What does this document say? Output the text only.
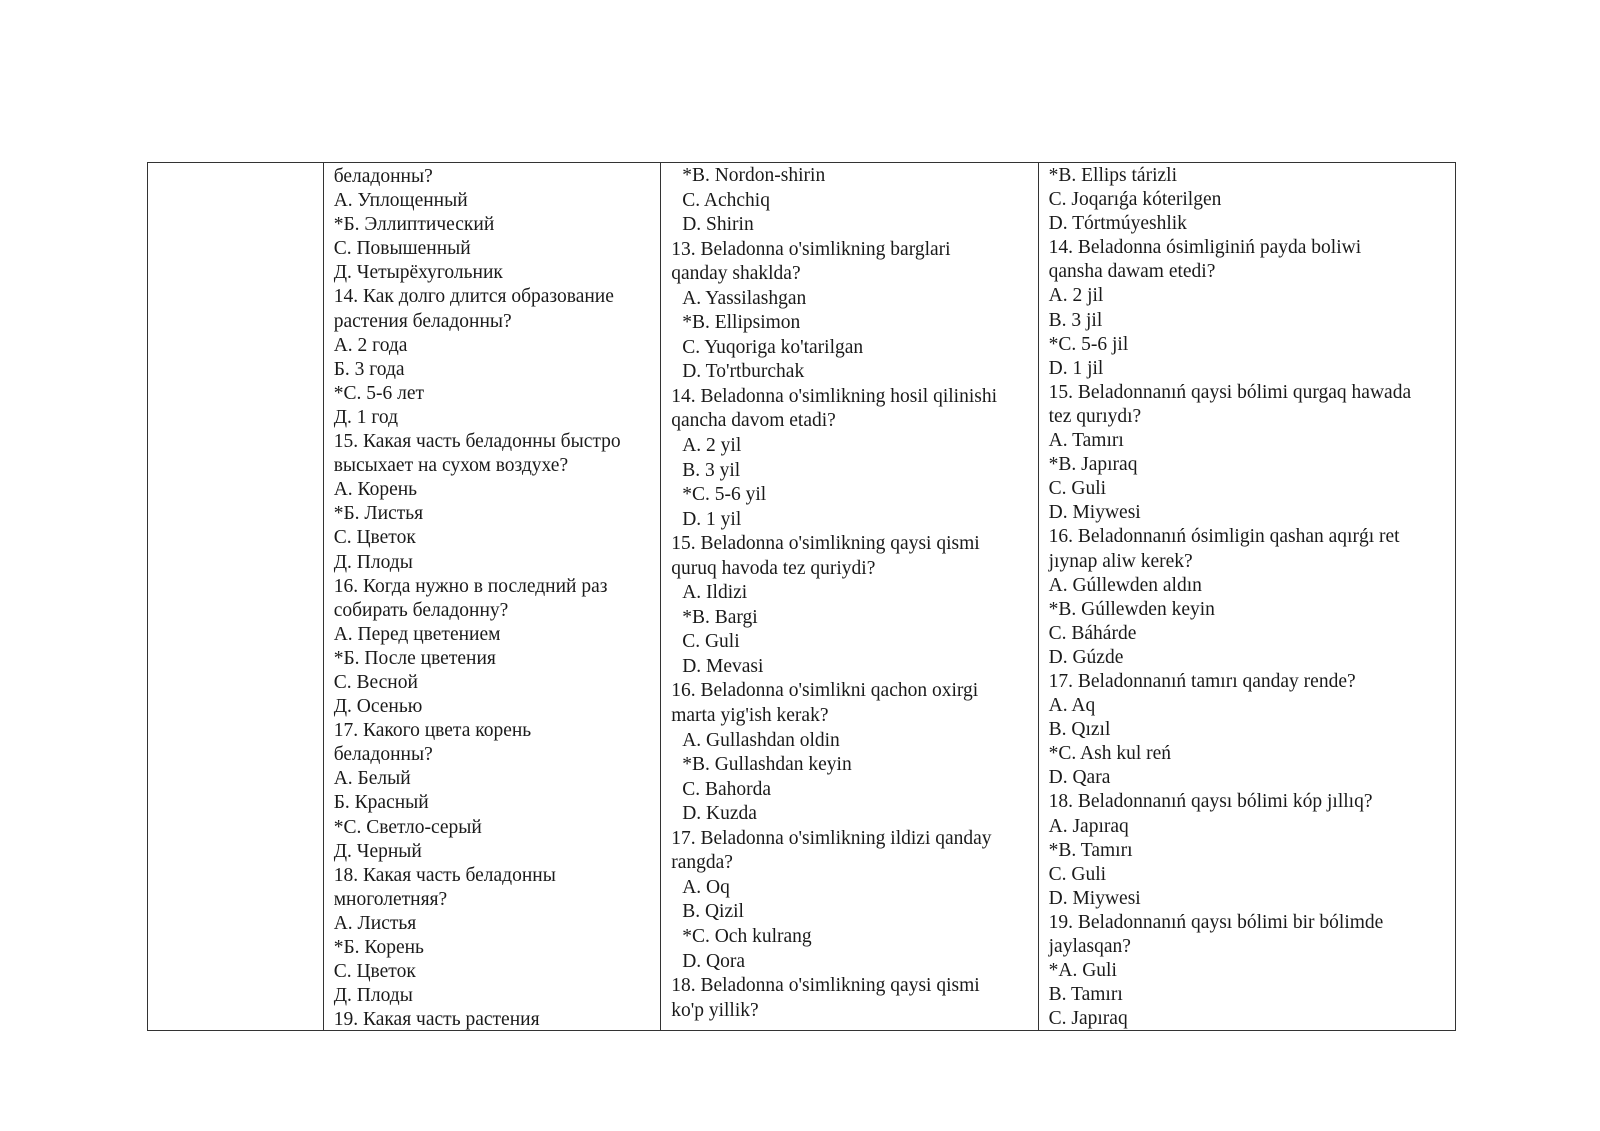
беладонны?
А. Уплощенный
*Б. Эллиптический
С. Повышенный
Д. Четырёхугольник
14. Как долго длится образование
растения беладонны?
А. 2 года
Б. 3 года
*С. 5-6 лет
Д. 1 год
15. Какая часть беладонны быстро
высыхает на сухом воздухе?
А. Корень
*Б. Листья
С. Цветок
Д. Плоды
16. Когда нужно в последний раз
собирать беладонну?
А. Перед цветением
*Б. После цветения
С. Весной
Д. Осенью
17. Какого цвета корень
беладонны?
А. Белый
Б. Красный
*С. Светло-серый
Д. Черный
18. Какая часть беладонны
многолетняя?
А. Листья
*Б. Корень
С. Цветок
Д. Плоды
19. Какая часть растения
*B. Nordon-shirin
C. Achchiq
D. Shirin
13. Beladonna o'simlikning barglari
qanday shaklda?
A. Yassilashgan
*B. Ellipsimon
C. Yuqoriga ko'tarilgan
D. To'rtburchak
14. Beladonna o'simlikning hosil qilinishi
qancha davom etadi?
A. 2 yil
B. 3 yil
*C. 5-6 yil
D. 1 yil
15. Beladonna o'simlikning qaysi qismi
quruq havoda tez quriydi?
A. Ildizi
*B. Bargi
C. Guli
D. Mevasi
16. Beladonna o'simlikni qachon oxirgi
marta yig'ish kerak?
A. Gullashdan oldin
*B. Gullashdan keyin
C. Bahorda
D. Kuzda
17. Beladonna o'simlikning ildizi qanday
rangda?
A. Oq
B. Qizil
*C. Och kulrang
D. Qora
18. Beladonna o'simlikning qaysi qismi
ko'p yillik?
*B. Ellips tárizli
C. Joqarıǵa kóterilgen
D. Tórtmúyeshlik
14. Beladonna ósimliginiń payda boliwi
qansha dawam etedi?
A. 2 jil
B. 3 jil
*C. 5-6 jil
D. 1 jil
15. Beladonnanıń qaysi bólimi qurgaq hawada
tez qurıydı?
A. Tamırı
*B. Japıraq
C. Guli
D. Miywesi
16. Beladonnanıń ósimligin qashan aqırǵı ret
jıynap aliw kerek?
A. Gúllewden aldın
*B. Gúllewden keyin
C. Báhárde
D. Gúzde
17. Beladonnanıń tamırı qanday rende?
A. Aq
B. Qızıl
*C. Ash kul reń
D. Qara
18. Beladonnanıń qaysı bólimi kóp jıllıq?
A. Japıraq
*B. Tamırı
C. Guli
D. Miywesi
19. Beladonnanıń qaysı bólimi bir bólimde
jaylasqan?
*A. Guli
B. Tamırı
C. Japıraq
